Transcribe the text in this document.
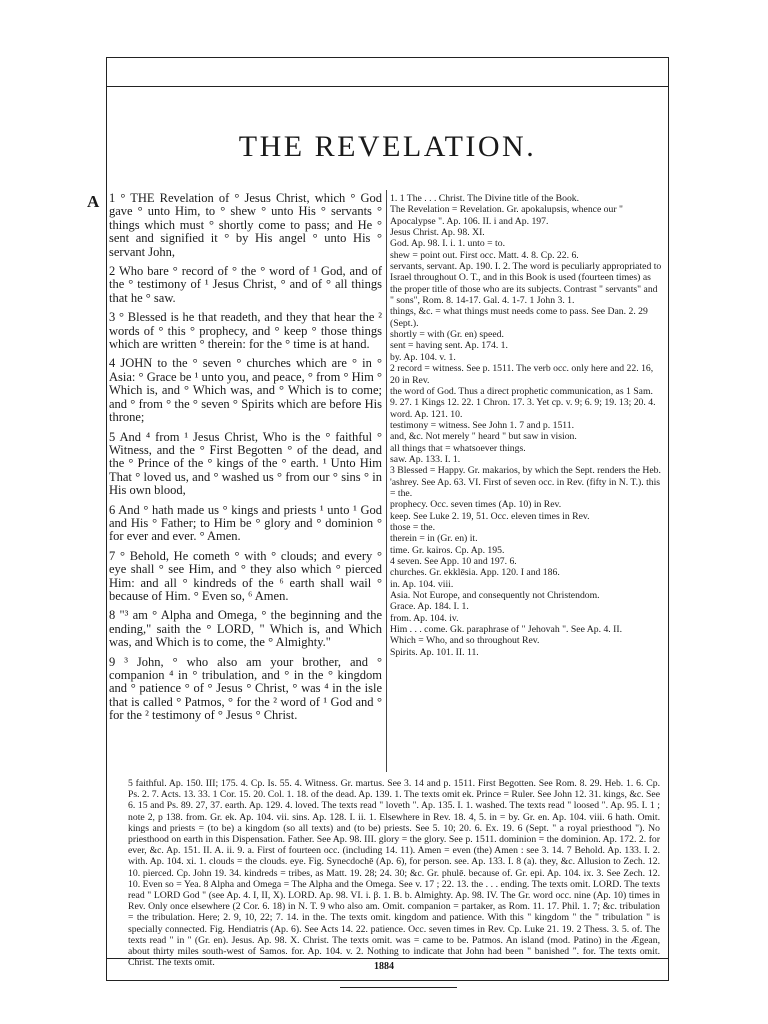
THE REVELATION.
A 1 ° THE Revelation of ° Jesus Christ, which ° God gave ° unto Him, to ° shew ° unto His ° servants ° things which must ° shortly come to pass; and He ° sent and signified it ° by His angel ° unto His ° servant John,

2 Who bare ° record of ° the ° word of ¹ God, and of the ° testimony of ¹ Jesus Christ, ° and of ° all things that he ° saw.

3 ° Blessed is he that readeth, and they that hear the ² words of ° this ° prophecy, and ° keep ° those things which are written ° therein: for the ° time is at hand.

4 JOHN to the ° seven ° churches which are ° in ° Asia: ° Grace be ¹ unto you, and peace, ° from ° Him ° Which is, and ° Which was, and ° Which is to come; and ° from ° the ° seven ° Spirits which are before His throne;

5 And ⁴ from ¹ Jesus Christ, Who is the ° faithful ° Witness, and the ° First Begotten ° of the dead, and the ° Prince of the ° kings of the ° earth. ¹ Unto Him That ° loved us, and ° washed us ° from our ° sins ° in His own blood,

6 And ° hath made us ° kings and priests ¹ unto ¹ God and His ° Father; to Him be ° glory and ° dominion ° for ever and ever. ° Amen.

7 ° Behold, He cometh ° with ° clouds; and every ° eye shall ° see Him, and ° they also which ° pierced Him: and all ° kindreds of the ⁶ earth shall wail ° because of Him. ° Even so, ⁶ Amen.

8 "³ am ° Alpha and Omega, ° the beginning and the ending," saith the ° LORD, " Which is, and Which was, and Which is to come, the ° Almighty."

9 ³ John, ° who also am your brother, and ° companion ⁴ in ° tribulation, and ° in the ° kingdom and ° patience ° of ° Jesus ° Christ, ° was ⁴ in the isle that is called ° Patmos, ° for the ² word of ¹ God and ° for the ² testimony of ° Jesus ° Christ.

1. 1 The . . . Christ. The Divine title of the Book.
The Revelation = Revelation. Gr. apokalupsis, whence our " Apocalypse ". Ap. 106. II. i and Ap. 197.
Jesus Christ. Ap. 98. XI.
God. Ap. 98. I. i. 1. unto = to.
shew = point out. First occ. Matt. 4. 8. Cp. 22. 6.
servants, servant. Ap. 190. I. 2. The word is peculiarly appropriated to Israel throughout O. T., and in this Book is used (fourteen times) as the proper title of those who are its subjects. Contrast " servants" and " sons", Rom. 8. 14-17. Gal. 4. 1-7. 1 John 3. 1.
things, &c. = what things must needs come to pass. See Dan. 2. 29 (Sept.).
shortly = with (Gr. en) speed.
sent = having sent. Ap. 174. 1.
by. Ap. 104. v. 1.
2 record = witness. See p. 1511. The verb occ. only here and 22. 16, 20 in Rev.
the word of God. Thus a direct prophetic communication, as 1 Sam. 9. 27. 1 Kings 12. 22. 1 Chron. 17. 3. Yet cp. v. 9; 6. 9; 19. 13; 20. 4.
word. Ap. 121. 10.
testimony = witness. See John 1. 7 and p. 1511.
and, &c. Not merely " heard " but saw in vision.
all things that = whatsoever things.
saw. Ap. 133. I. 1.
3 Blessed = Happy. Gr. makarios, by which the Sept. renders the Heb. 'ashrey. See Ap. 63. VI. First of seven occ. in Rev. (fifty in N. T.). this = the.
prophecy. Occ. seven times (Ap. 10) in Rev.
keep. See Luke 2. 19, 51. Occ. eleven times in Rev.
those = the.
therein = in (Gr. en) it.
time. Gr. kairos. Cp. Ap. 195.
4 seven. See App. 10 and 197. 6.
churches. Gr. ekklēsia. App. 120. I and 186.
in. Ap. 104. viii.
Asia. Not Europe, and consequently not Christendom.
Grace. Ap. 184. I. 1.
from. Ap. 104. iv.
Him . . . come. Gk. paraphrase of " Jehovah ". See Ap. 4. II.
Which = Who, and so throughout Rev.
Spirits. Ap. 101. II. 11.
5 faithful. Ap. 150. III; 175. 4. Cp. Is. 55. 4. Witness. Gr. martus. See 3. 14 and p. 1511. First Begotten. See Rom. 8. 29. Heb. 1. 6. Cp. Ps. 2. 7. Acts. 13. 33. 1 Cor. 15. 20. Col. 1. 18. of the dead. Ap. 139. 1. The texts omit ek. Prince = Ruler. See John 12. 31. kings, &c. See 6. 15 and Ps. 89. 27, 37. earth. Ap. 129. 4. loved. The texts read " loveth ". Ap. 135. I. 1. washed. The texts read " loosed ". Ap. 95. I. 1 ; note 2, p 138. from. Gr. ek. Ap. 104. vii. sins. Ap. 128. I. ii. 1. Elsewhere in Rev. 18. 4, 5. in = by. Gr. en. Ap. 104. viii. 6 hath. Omit. kings and priests = (to be) a kingdom (so all texts) and (to be) priests. See 5. 10; 20. 6. Ex. 19. 6 (Sept. " a royal priesthood "). No priesthood on earth in this Dispensation. Father. See Ap. 98. III. glory = the glory. See p. 1511. dominion = the dominion. Ap. 172. 2. for ever, &c. Ap. 151. II. A. ii. 9. a. First of fourteen occ. (including 14. 11). Amen = even (the) Amen : see 3. 14. 7 Behold. Ap. 133. I. 2. with. Ap. 104. xi. 1. clouds = the clouds. eye. Fig. Synecdochē (Ap. 6), for person. see. Ap. 133. I. 8 (a). they, &c. Allusion to Zech. 12. 10. pierced. Cp. John 19. 34. kindreds = tribes, as Matt. 19. 28; 24. 30; &c. Gr. phulē. because of. Gr. epi. Ap. 104. ix. 3. See Zech. 12. 10. Even so = Yea. 8 Alpha and Omega = The Alpha and the Omega. See v. 17 ; 22. 13. the . . . ending. The texts omit. LORD. The texts read " LORD God " (see Ap. 4. I, II, X). LORD. Ap. 98. VI. i. β. 1. B. b. Almighty. Ap. 98. IV. The Gr. word occ. nine (Ap. 10) times in Rev. Only once elsewhere (2 Cor. 6. 18) in N. T. 9 who also am. Omit. companion = partaker, as Rom. 11. 17. Phil. 1. 7; &c. tribulation = the tribulation. Here; 2. 9, 10, 22; 7. 14. in the. The texts omit. kingdom and patience. With this " kingdom " the " tribulation " is specially connected. Fig. Hendiatris (Ap. 6). See Acts 14. 22. patience. Occ. seven times in Rev. Cp. Luke 21. 19. 2 Thess. 3. 5. of. The texts read " in " (Gr. en). Jesus. Ap. 98. X. Christ. The texts omit. was = came to be. Patmos. An island (mod. Patino) in the Ægean, about thirty miles south-west of Samos. for. Ap. 104. v. 2. Nothing to indicate that John had been " banished ". for. The texts omit. Christ. The texts omit.	1884
